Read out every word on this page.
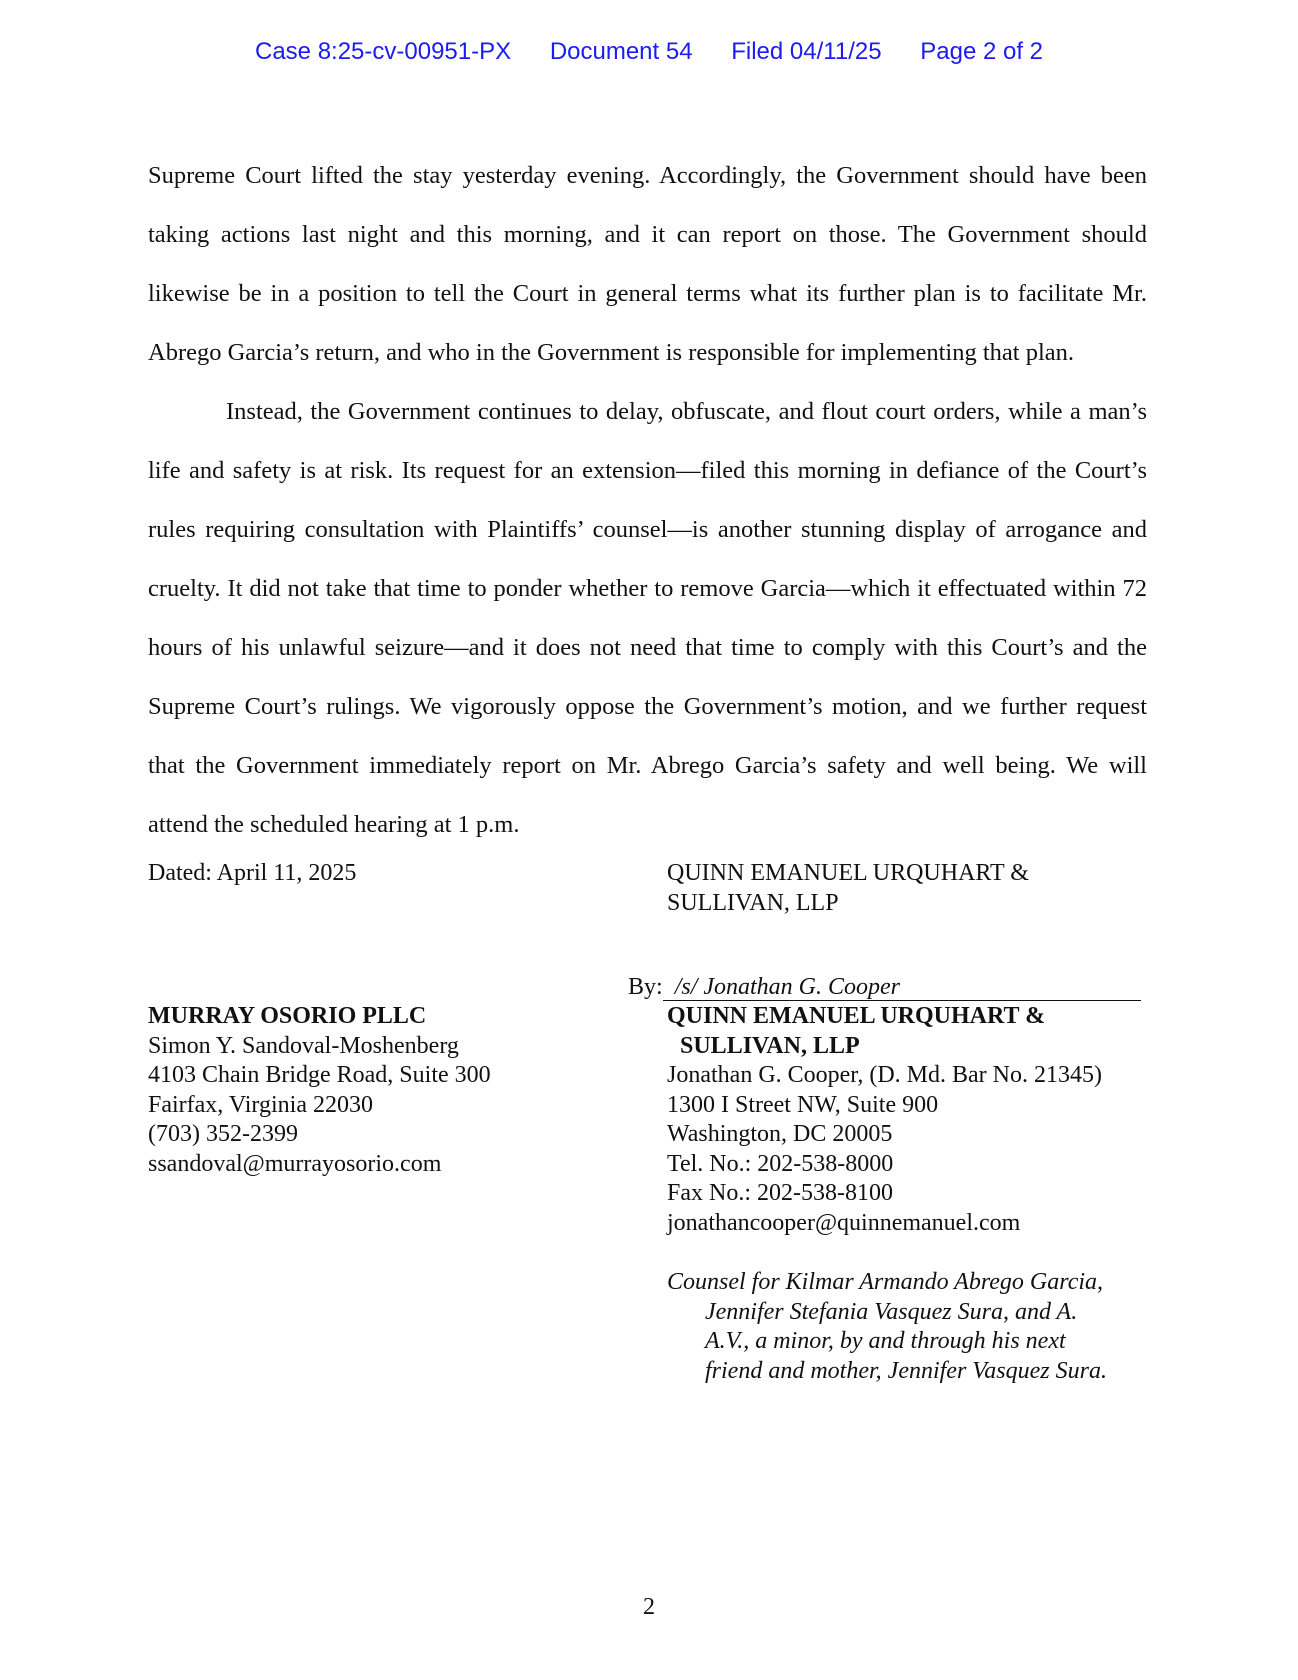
Case 8:25-cv-00951-PX Document 54 Filed 04/11/25 Page 2 of 2

Supreme Court lifted the stay yesterday evening. Accordingly, the Government should have been taking actions last night and this morning, and it can report on those. The Government should likewise be in a position to tell the Court in general terms what its further plan is to facilitate Mr. Abrego Garcia’s return, and who in the Government is responsible for implementing that plan.

Instead, the Government continues to delay, obfuscate, and flout court orders, while a man’s life and safety is at risk. Its request for an extension—filed this morning in defiance of the Court’s rules requiring consultation with Plaintiffs’ counsel—is another stunning display of arrogance and cruelty. It did not take that time to ponder whether to remove Garcia—which it effectuated within 72 hours of his unlawful seizure—and it does not need that time to comply with this Court’s and the Supreme Court’s rulings. We vigorously oppose the Government’s motion, and we further request that the Government immediately report on Mr. Abrego Garcia’s safety and well being. We will attend the scheduled hearing at 1 p.m.

Dated: April 11, 2025	QUINN EMANUEL URQUHART &
SULLIVAN, LLP
By: /s/ Jonathan G. Cooper
MURRAY OSORIO PLLC
Simon Y. Sandoval-Moshenberg
4103 Chain Bridge Road, Suite 300
Fairfax, Virginia 22030
(703) 352-2399
ssandoval@murrayosorio.com
QUINN EMANUEL URQUHART &
SULLIVAN, LLP
Jonathan G. Cooper, (D. Md. Bar No. 21345)
1300 I Street NW, Suite 900
Washington, DC 20005
Tel. No.: 202-538-8000
Fax No.: 202-538-8100
jonathancooper@quinnemanuel.com
Counsel for Kilmar Armando Abrego Garcia,
Jennifer Stefania Vasquez Sura, and A.
A.V., a minor, by and through his next
friend and mother, Jennifer Vasquez Sura.
2
